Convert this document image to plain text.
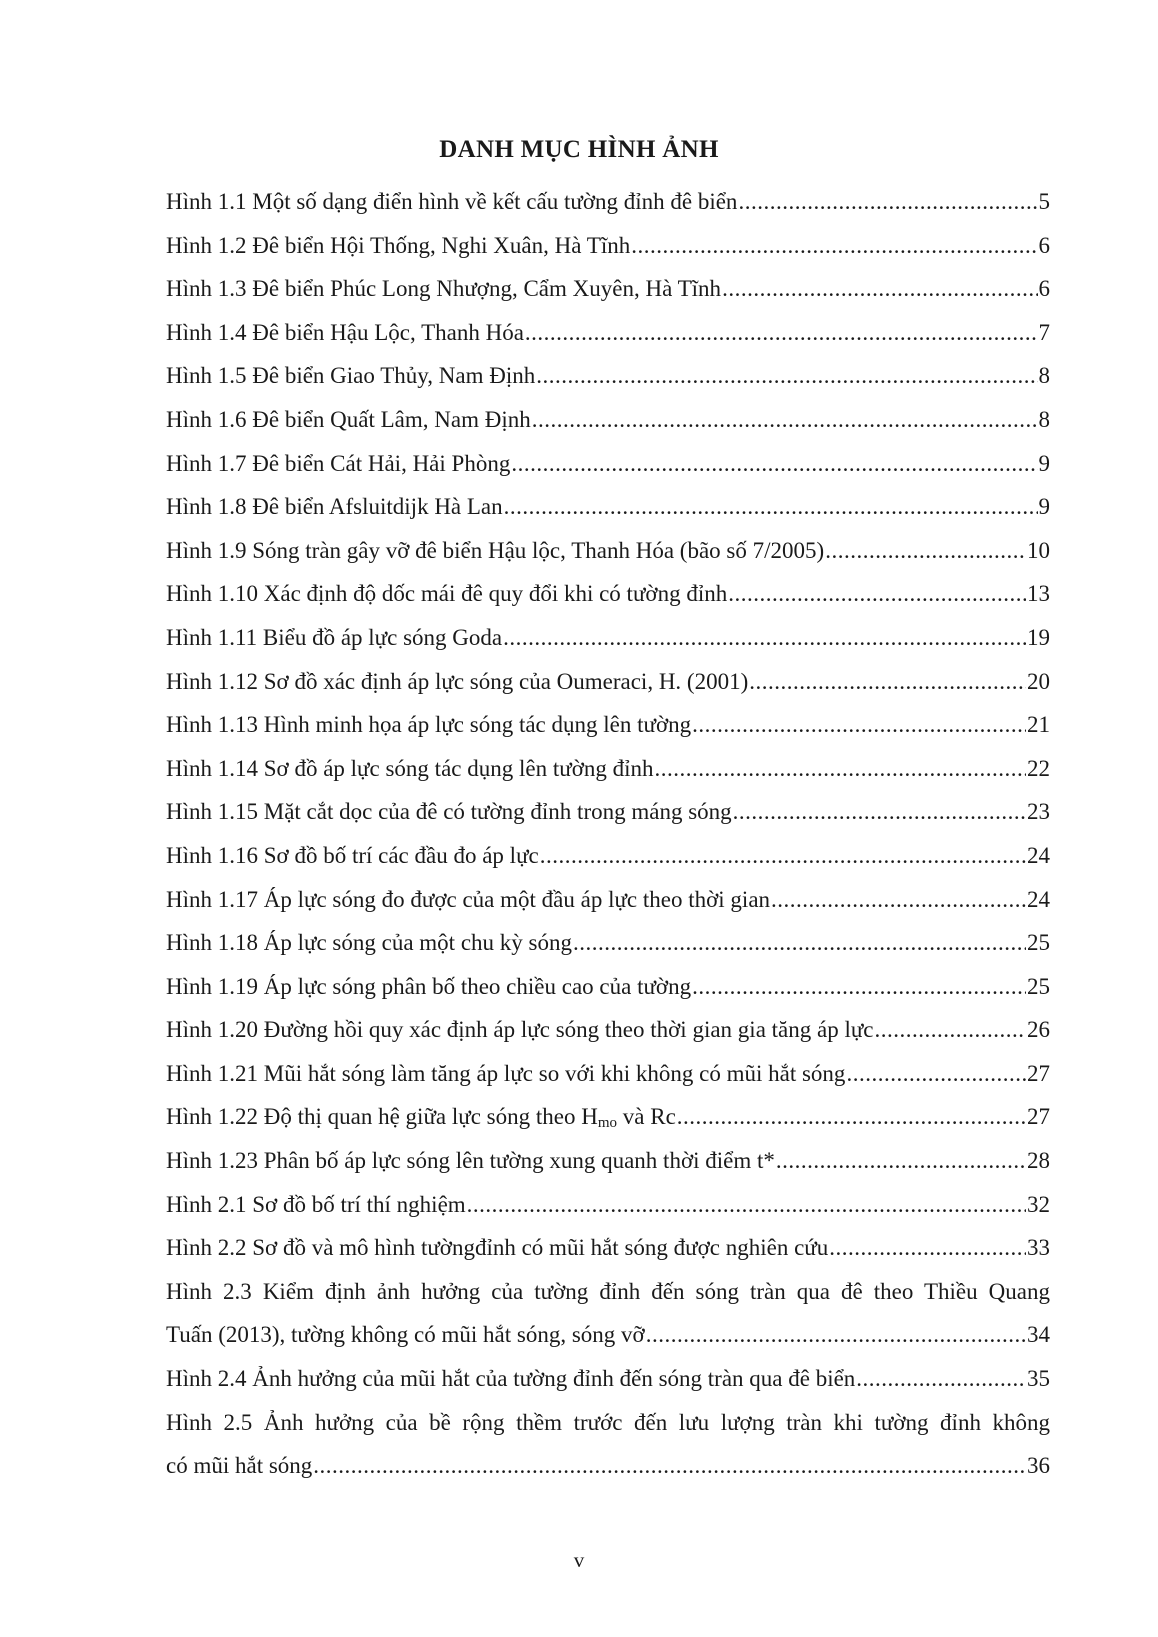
DANH MỤC HÌNH ẢNH
Hình 1.1 Một số dạng điển hình về kết cấu tường đỉnh đê biển .....	5
Hình 1.2 Đê biển Hội Thống, Nghi Xuân, Hà Tĩnh .....	6
Hình 1.3 Đê biển Phúc Long Nhượng, Cẩm Xuyên, Hà Tĩnh .....	6
Hình 1.4 Đê biển Hậu Lộc, Thanh Hóa .....	7
Hình 1.5 Đê biển Giao Thủy, Nam Định .....	8
Hình 1.6 Đê biển Quất Lâm, Nam Định .....	8
Hình 1.7 Đê biển Cát Hải, Hải Phòng .....	9
Hình 1.8 Đê biển Afsluitdijk Hà Lan .....	9
Hình 1.9 Sóng tràn gây vỡ đê biển Hậu lộc, Thanh Hóa (bão số 7/2005) .....	10
Hình 1.10 Xác định độ dốc mái đê quy đổi khi có tường đỉnh .....	13
Hình 1.11 Biểu đồ áp lực sóng Goda .....	19
Hình 1.12 Sơ đồ xác định áp lực sóng của Oumeraci, H. (2001) .....	20
Hình 1.13 Hình minh họa áp lực sóng tác dụng lên tường .....	21
Hình 1.14 Sơ đồ áp lực sóng tác dụng lên tường đỉnh .....	22
Hình 1.15 Mặt cắt dọc của đê có tường đỉnh trong máng sóng .....	23
Hình 1.16 Sơ đồ bố trí các đầu đo áp lực .....	24
Hình 1.17 Áp lực sóng đo được của một đầu áp lực theo thời gian .....	24
Hình 1.18 Áp lực sóng của một chu kỳ sóng .....	25
Hình 1.19 Áp lực sóng phân bố theo chiều cao của tường .....	25
Hình 1.20 Đường hồi quy xác định áp lực sóng theo thời gian gia tăng áp lực .....	26
Hình 1.21 Mũi hắt sóng làm tăng áp lực so với khi không có mũi hắt sóng .....	27
Hình 1.22 Độ thị quan hệ giữa lực sóng theo $H_{mo}$ và Rc .....	27
Hình 1.23 Phân bố áp lực sóng lên tường xung quanh thời điểm t* .....	28
Hình 2.1 Sơ đồ bố trí thí nghiệm .....	32
Hình 2.2 Sơ đồ và mô hình tườngđỉnh có mũi hắt sóng được nghiên cứu .....	33
Hình 2.3 Kiểm định ảnh hưởng của tường đỉnh đến sóng tràn qua đê theo Thiều Quang
Tuấn (2013), tường không có mũi hắt sóng, sóng vỡ .....	34
Hình 2.4 Ảnh hưởng của mũi hắt của tường đỉnh đến sóng tràn qua đê biển .....	35
Hình 2.5 Ảnh hưởng của bề rộng thềm trước đến lưu lượng tràn khi tường đỉnh không
có mũi hắt sóng .....	36
v
